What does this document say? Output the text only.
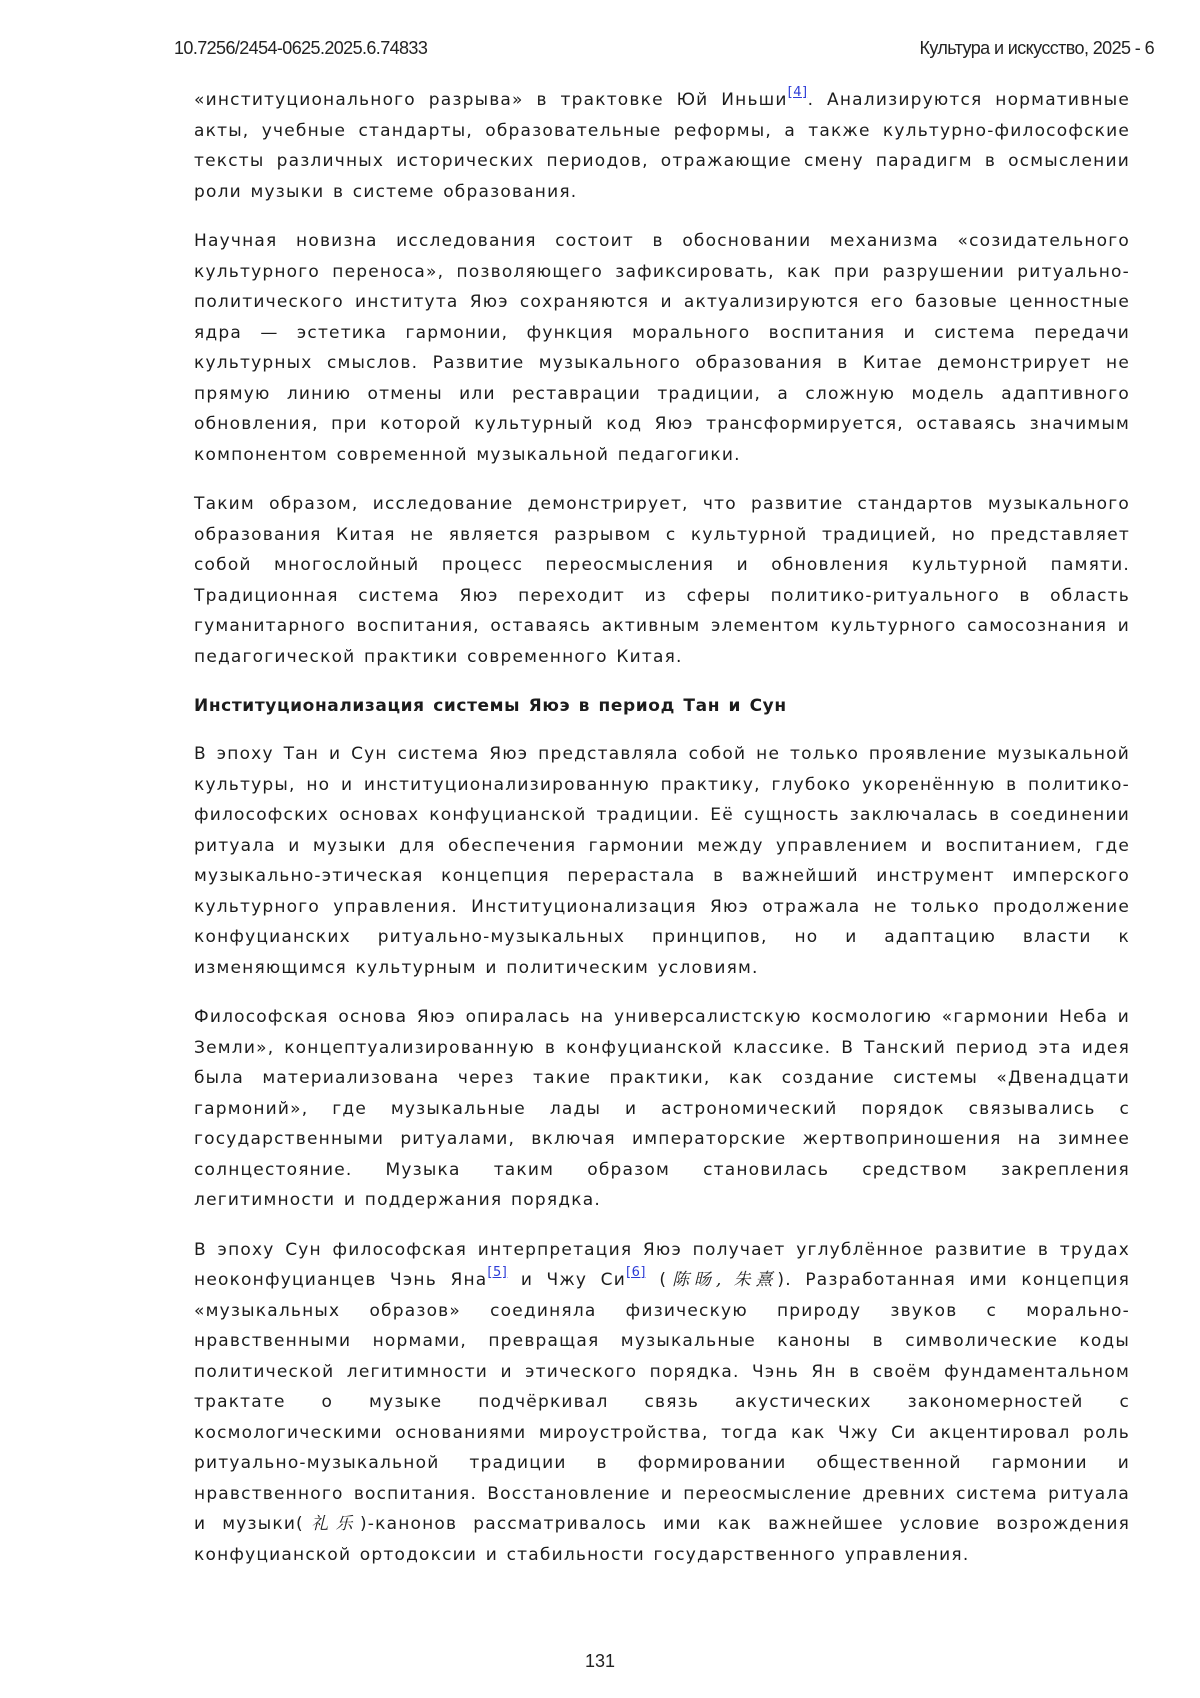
10.7256/2454-0625.2025.6.74833	Культура и искусство, 2025 - 6

«институционального разрыва» в трактовке Юй Иньши[4]. Анализируются нормативные акты, учебные стандарты, образовательные реформы, а также культурно-философские тексты различных исторических периодов, отражающие смену парадигм в осмыслении роли музыки в системе образования.

Научная новизна исследования состоит в обосновании механизма «созидательного культурного переноса», позволяющего зафиксировать, как при разрушении ритуально-политического института Яюэ сохраняются и актуализируются его базовые ценностные ядра — эстетика гармонии, функция морального воспитания и система передачи культурных смыслов. Развитие музыкального образования в Китае демонстрирует не прямую линию отмены или реставрации традиции, а сложную модель адаптивного обновления, при которой культурный код Яюэ трансформируется, оставаясь значимым компонентом современной музыкальной педагогики.

Таким образом, исследование демонстрирует, что развитие стандартов музыкального образования Китая не является разрывом с культурной традицией, но представляет собой многослойный процесс переосмысления и обновления культурной памяти. Традиционная система Яюэ переходит из сферы политико-ритуального в область гуманитарного воспитания, оставаясь активным элементом культурного самосознания и педагогической практики современного Китая.

Институционализация системы Яюэ в период Тан и Сун

В эпоху Тан и Сун система Яюэ представляла собой не только проявление музыкальной культуры, но и институционализированную практику, глубоко укоренённую в политико-философских основах конфуцианской традиции. Её сущность заключалась в соединении ритуала и музыки для обеспечения гармонии между управлением и воспитанием, где музыкально-этическая концепция перерастала в важнейший инструмент имперского культурного управления. Институционализация Яюэ отражала не только продолжение конфуцианских ритуально-музыкальных принципов, но и адаптацию власти к изменяющимся культурным и политическим условиям.

Философская основа Яюэ опиралась на универсалистскую космологию «гармонии Неба и Земли», концептуализированную в конфуцианской классике. В Танский период эта идея была материализована через такие практики, как создание системы «Двенадцати гармоний», где музыкальные лады и астрономический порядок связывались с государственными ритуалами, включая императорские жертвоприношения на зимнее солнцестояние. Музыка таким образом становилась средством закрепления легитимности и поддержания порядка.

В эпоху Сун философская интерпретация Яюэ получает углублённое развитие в трудах неоконфуцианцев Чэнь Яна[5] и Чжу Си[6] (陈旸, 朱熹). Разработанная ими концепция «музыкальных образов» соединяла физическую природу звуков с морально-нравственными нормами, превращая музыкальные каноны в символические коды политической легитимности и этического порядка. Чэнь Ян в своём фундаментальном трактате о музыке подчёркивал связь акустических закономерностей с космологическими основаниями мироустройства, тогда как Чжу Си акцентировал роль ритуально-музыкальной традиции в формировании общественной гармонии и нравственного воспитания. Восстановление и переосмысление древних система ритуала и музыки(礼乐)-канонов рассматривалось ими как важнейшее условие возрождения конфуцианской ортодоксии и стабильности государственного управления.

131
